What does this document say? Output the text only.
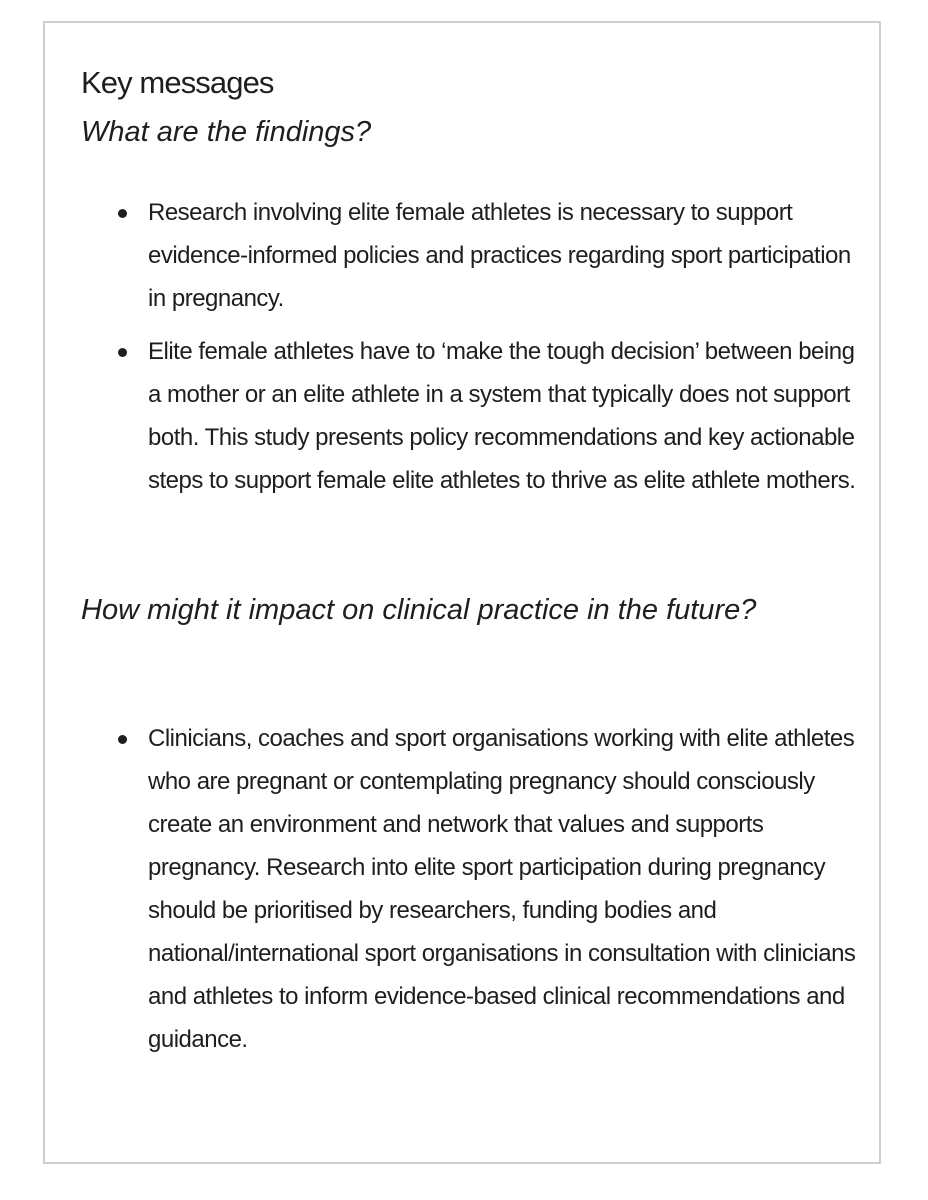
Key messages
What are the findings?
Research involving elite female athletes is necessary to support evidence-informed policies and practices regarding sport participation in pregnancy.
Elite female athletes have to ‘make the tough decision’ between being a mother or an elite athlete in a system that typically does not support both. This study presents policy recommendations and key actionable steps to support female elite athletes to thrive as elite athlete mothers.
How might it impact on clinical practice in the future?
Clinicians, coaches and sport organisations working with elite athletes who are pregnant or contemplating pregnancy should consciously create an environment and network that values and supports pregnancy. Research into elite sport participation during pregnancy should be prioritised by researchers, funding bodies and national/international sport organisations in consultation with clinicians and athletes to inform evidence-based clinical recommendations and guidance.
